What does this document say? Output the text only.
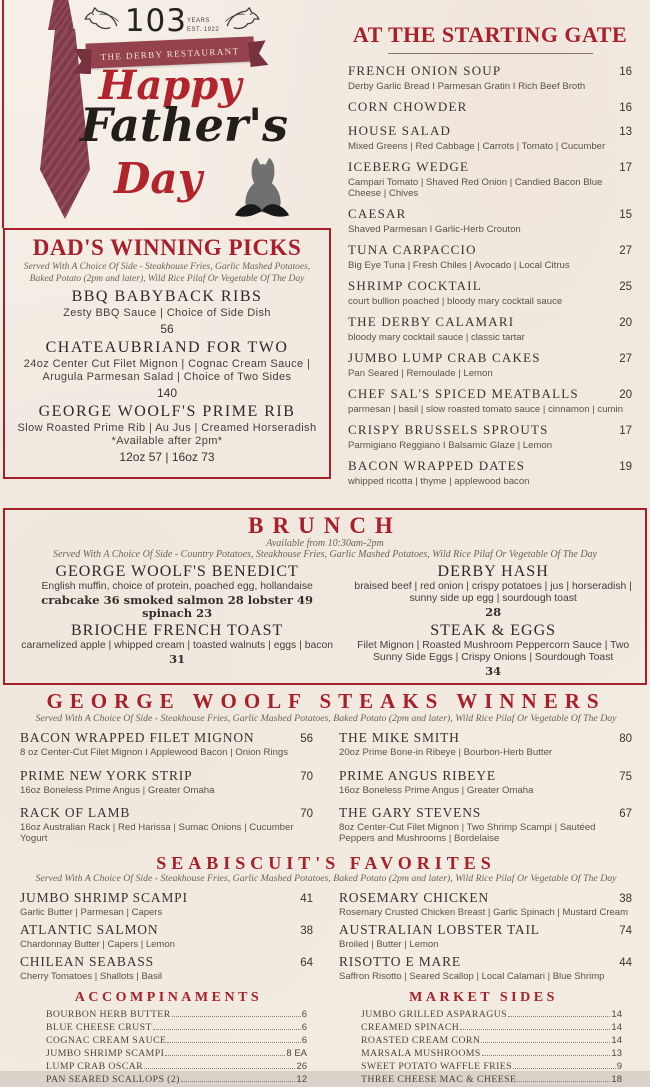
103 YEARS
EST. 1922
THE DERBY RESTAURANT
Happy
Father's
Day
DAD'S WINNING PICKS
Served With A Choice Of Side - Steakhouse Fries, Garlic Mashed Potatoes, Baked Potato (2pm and later), Wild Rice Pilaf Or Vegetable Of The Day
BBQ BABYBACK RIBS
Zesty BBQ Sauce | Choice of Side Dish
56
CHATEAUBRIAND FOR TWO
24oz Center Cut Filet Mignon | Cognac Cream Sauce | Arugula Parmesan Salad | Choice of Two Sides
140
GEORGE WOOLF'S PRIME RIB
Slow Roasted Prime Rib | Au Jus | Creamed Horseradish
*Available after 2pm*
12oz 57 | 16oz 73
AT THE STARTING GATE
FRENCH ONION SOUP	16
Derby Garlic Bread I Parmesan Gratin I Rich Beef Broth
CORN CHOWDER	16
HOUSE SALAD	13
Mixed Greens | Red Cabbage | Carrots | Tomato | Cucumber
ICEBERG WEDGE	17
Campari Tomato | Shaved Red Onion | Candied Bacon Blue Cheese | Chives
CAESAR	15
Shaved Parmesan I Garlic-Herb Crouton
TUNA CARPACCIO	27
Big Eye Tuna | Fresh Chiles | Avocado | Local Citrus
SHRIMP COCKTAIL	25
court bullion poached | bloody mary cocktail sauce
THE DERBY CALAMARI	20
bloody mary cocktail sauce | classic tartar
JUMBO LUMP CRAB CAKES	27
Pan Seared | Remoulade | Lemon
CHEF SAL'S SPICED MEATBALLS	20
parmesan | basil | slow roasted tomato sauce | cinnamon | cumin
CRISPY BRUSSELS SPROUTS	17
Parmigiano Reggiano I Balsamic Glaze | Lemon
BACON WRAPPED DATES	19
whipped ricotta | thyme | applewood bacon
BRUNCH
Available from 10:30am-2pm
Served With A Choice Of Side - Country Potatoes, Steakhouse Fries, Garlic Mashed Potatoes, Wild Rice Pilaf Or Vegetable Of The Day
GEORGE WOOLF'S BENEDICT
English muffin, choice of protein, poached egg, hollandaise
crabcake 36 smoked salmon 28 lobster 49 spinach 23
DERBY HASH
braised beef | red onion | crispy potatoes | jus | horseradish | sunny side up egg | sourdough toast
28
BRIOCHE FRENCH TOAST
caramelized apple | whipped cream | toasted walnuts | eggs | bacon
31
STEAK & EGGS
Filet Mignon | Roasted Mushroom Peppercorn Sauce | Two Sunny Side Eggs | Crispy Onions | Sourdough Toast
34
GEORGE WOOLF STEAKS WINNERS
Served With A Choice Of Side - Steakhouse Fries, Garlic Mashed Potatoes, Baked Potato (2pm and later), Wild Rice Pilaf Or Vegetable Of The Day
BACON WRAPPED FILET MIGNON	56
8 oz Center-Cut Filet Mignon I Applewood Bacon | Onion Rings
PRIME NEW YORK STRIP	70
16oz Boneless Prime Angus | Greater Omaha
RACK OF LAMB	70
16oz Australian Rack | Red Harissa | Sumac Onions | Cucumber Yogurt
THE MIKE SMITH	80
20oz Prime Bone-in Ribeye | Bourbon-Herb Butter
PRIME ANGUS RIBEYE	75
16oz Boneless Prime Angus | Greater Omaha
THE GARY STEVENS	67
8oz Center-Cut Filet Mignon | Two Shrimp Scampi | Sautéed Peppers and Mushrooms | Bordelaise
SEABISCUIT'S FAVORITES
Served With A Choice Of Side - Steakhouse Fries, Garlic Mashed Potatoes, Baked Potato (2pm and later), Wild Rice Pilaf Or Vegetable Of The Day
JUMBO SHRIMP SCAMPI	41
Garlic Butter | Parmesan | Capers
ATLANTIC SALMON	38
Chardonnay Butter | Capers | Lemon
CHILEAN SEABASS	64
Cherry Tomatoes | Shallots | Basil
ROSEMARY CHICKEN	38
Rosemary Crusted Chicken Breast | Garlic Spinach | Mustard Cream
AUSTRALIAN LOBSTER TAIL	74
Broiled | Butter | Lemon
RISOTTO E MARE	44
Saffron Risotto | Seared Scallop | Local Calamari | Blue Shrimp
ACCOMPINAMENTS
BOURBON HERB BUTTER	6
BLUE CHEESE CRUST	6
COGNAC CREAM SAUCE	6
JUMBO SHRIMP SCAMPI	8 EA
LUMP CRAB OSCAR	26
PAN SEARED SCALLOPS (2)	12
MARKET SIDES
JUMBO GRILLED ASPARAGUS	14
CREAMED SPINACH	14
ROASTED CREAM CORN	14
MARSALA MUSHROOMS	13
SWEET POTATO WAFFLE FRIES	9
THREE CHEESE MAC & CHEESE	18
